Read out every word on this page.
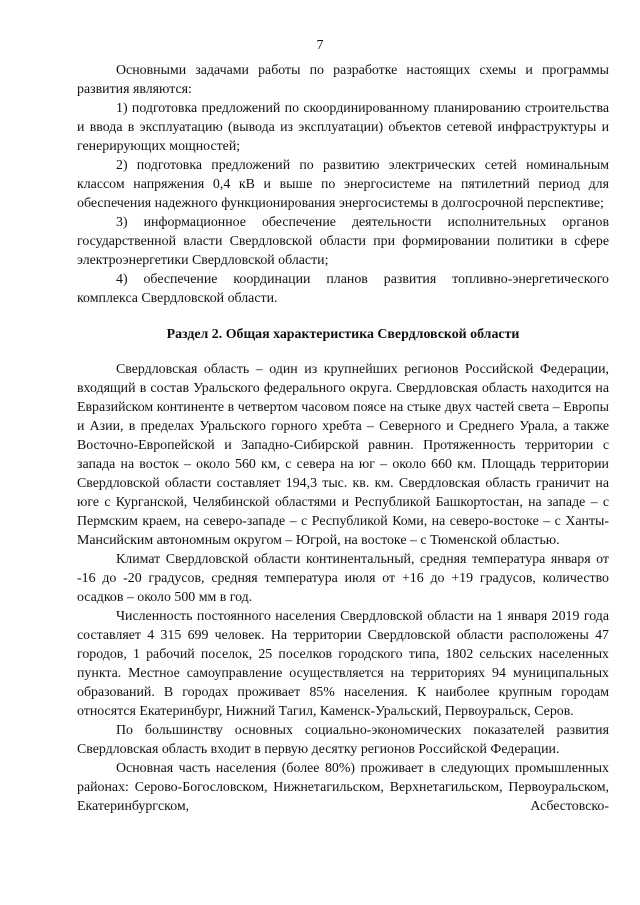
7

Основными задачами работы по разработке настоящих схемы и программы развития являются:

1) подготовка предложений по скоординированному планированию строительства и ввода в эксплуатацию (вывода из эксплуатации) объектов сетевой инфраструктуры и генерирующих мощностей;

2) подготовка предложений по развитию электрических сетей номинальным классом напряжения 0,4 кВ и выше по энергосистеме на пятилетний период для обеспечения надежного функционирования энергосистемы в долгосрочной перспективе;

3) информационное обеспечение деятельности исполнительных органов государственной власти Свердловской области при формировании политики в сфере электроэнергетики Свердловской области;

4) обеспечение координации планов развития топливно-энергетического комплекса Свердловской области.

Раздел 2. Общая характеристика Свердловской области

Свердловская область – один из крупнейших регионов Российской Федерации, входящий в состав Уральского федерального округа. Свердловская область находится на Евразийском континенте в четвертом часовом поясе на стыке двух частей света – Европы и Азии, в пределах Уральского горного хребта – Северного и Среднего Урала, а также Восточно-Европейской и Западно-Сибирской равнин. Протяженность территории с запада на восток – около 560 км, с севера на юг – около 660 км. Площадь территории Свердловской области составляет 194,3 тыс. кв. км. Свердловская область граничит на юге с Курганской, Челябинской областями и Республикой Башкортостан, на западе – с Пермским краем, на северо-западе – с Республикой Коми, на северо-востоке – с Ханты-Мансийским автономным округом – Югрой, на востоке – с Тюменской областью.

Климат Свердловской области континентальный, средняя температура января от -16 до -20 градусов, средняя температура июля от +16 до +19 градусов, количество осадков – около 500 мм в год.

Численность постоянного населения Свердловской области на 1 января 2019 года составляет 4 315 699 человек. На территории Свердловской области расположены 47 городов, 1 рабочий поселок, 25 поселков городского типа, 1802 сельских населенных пункта. Местное самоуправление осуществляется на территориях 94 муниципальных образований. В городах проживает 85% населения. К наиболее крупным городам относятся Екатеринбург, Нижний Тагил, Каменск-Уральский, Первоуральск, Серов.

По большинству основных социально-экономических показателей развития Свердловская область входит в первую десятку регионов Российской Федерации.

Основная часть населения (более 80%) проживает в следующих промышленных районах: Серово-Богословском, Нижнетагильском, Верхнетагильском, Первоуральском, Екатеринбургском, Асбестовско-
